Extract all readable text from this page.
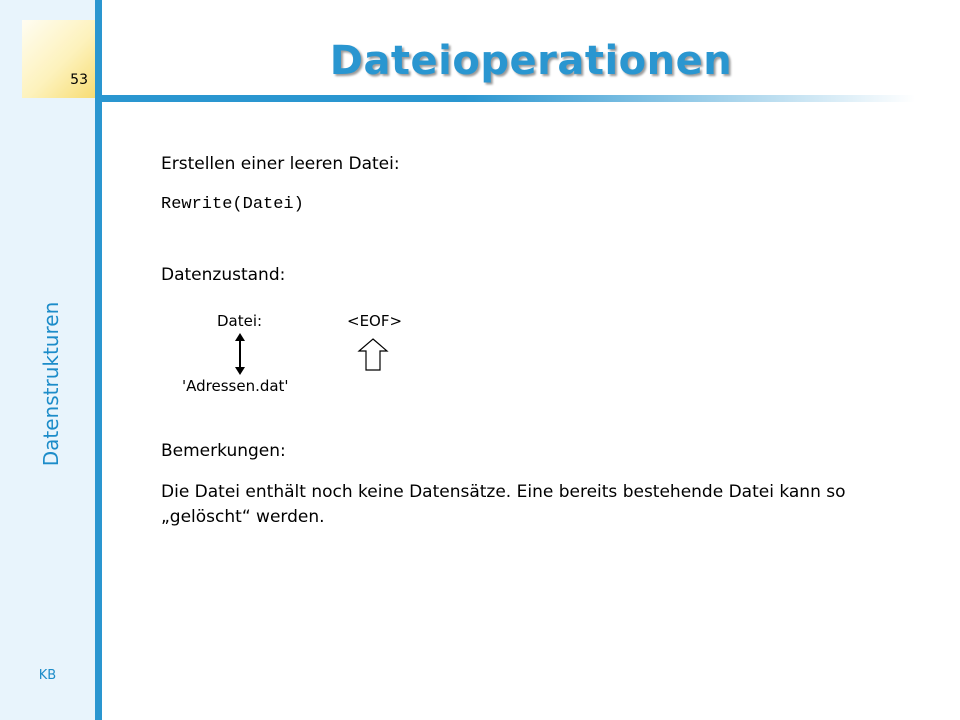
53
Datenstrukturen
KB
Dateioperationen
Erstellen einer leeren Datei:
Rewrite(Datei)
Datenzustand:
Datei:	<EOF>
'Adressen.dat'
Bemerkungen:
Die Datei enthält noch keine Datensätze. Eine bereits bestehende Datei kann so „gelöscht“ werden.
